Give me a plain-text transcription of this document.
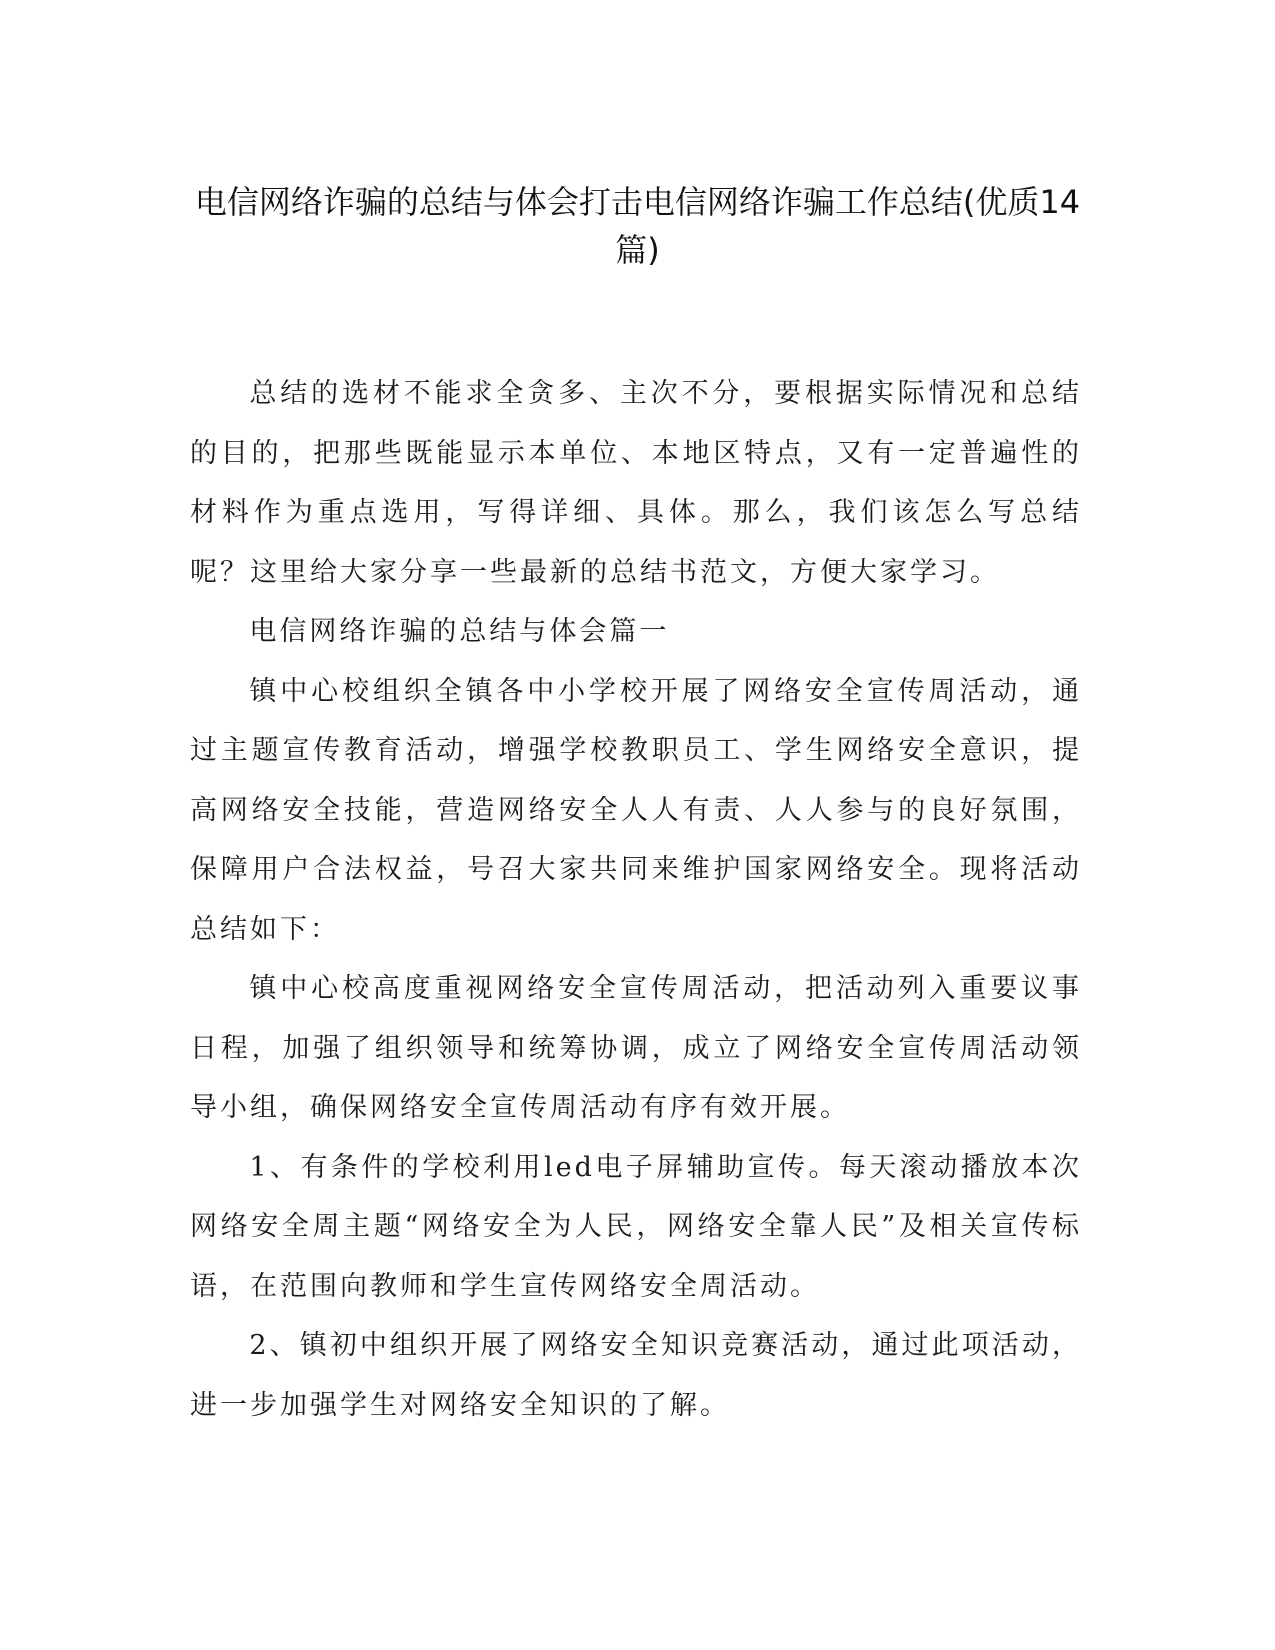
电信网络诈骗的总结与体会打击电信网络诈骗工作总结(优质14篇)

总结的选材不能求全贪多、主次不分，要根据实际情况和总结的目的，把那些既能显示本单位、本地区特点，又有一定普遍性的材料作为重点选用，写得详细、具体。那么，我们该怎么写总结呢？这里给大家分享一些最新的总结书范文，方便大家学习。

电信网络诈骗的总结与体会篇一

镇中心校组织全镇各中小学校开展了网络安全宣传周活动，通过主题宣传教育活动，增强学校教职员工、学生网络安全意识，提高网络安全技能，营造网络安全人人有责、人人参与的良好氛围，保障用户合法权益，号召大家共同来维护国家网络安全。现将活动总结如下：

镇中心校高度重视网络安全宣传周活动，把活动列入重要议事日程，加强了组织领导和统筹协调，成立了网络安全宣传周活动领导小组，确保网络安全宣传周活动有序有效开展。

1、有条件的学校利用led电子屏辅助宣传。每天滚动播放本次网络安全周主题“网络安全为人民，网络安全靠人民”及相关宣传标语，在范围向教师和学生宣传网络安全周活动。

2、镇初中组织开展了网络安全知识竞赛活动，通过此项活动，进一步加强学生对网络安全知识的了解。
